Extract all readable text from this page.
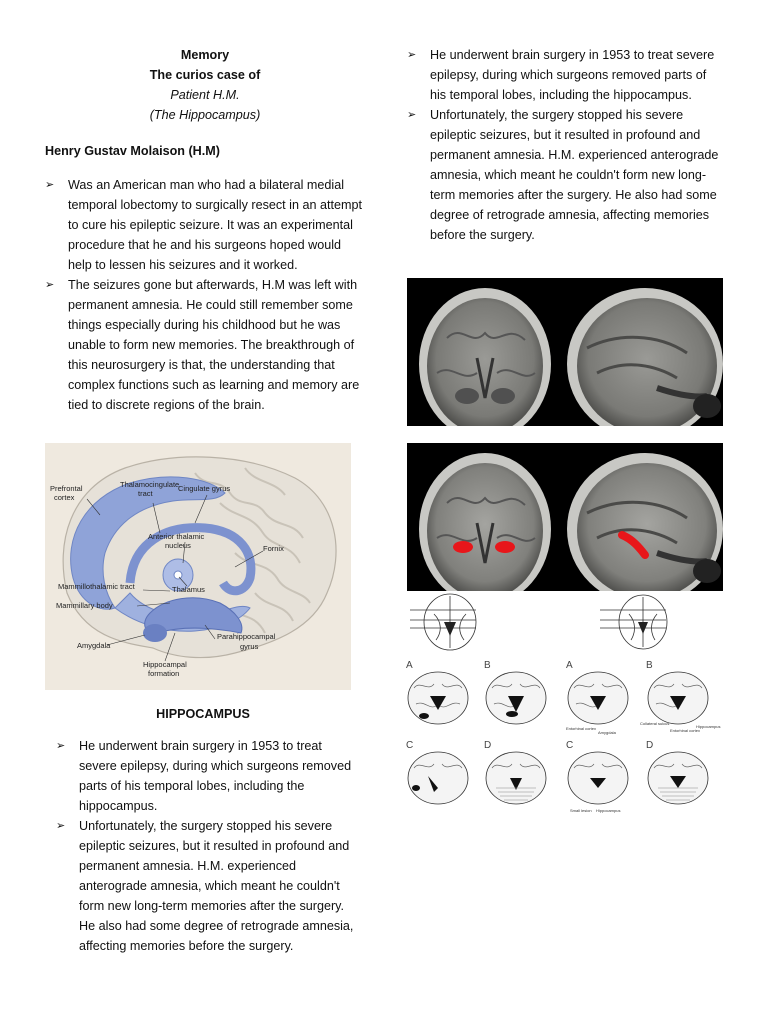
Memory
The curios case of
Patient H.M.
(The Hippocampus)
Henry Gustav Molaison (H.M)
➢ Was an American man who had a bilateral medial temporal lobectomy to surgically resect in an attempt to cure his epileptic seizure. It was an experimental procedure that he and his surgeons hoped would help to lessen his seizures and it worked.
➢ The seizures gone but afterwards, H.M was left with permanent amnesia. He could still remember some things especially during his childhood but he was unable to form new memories. The breakthrough of this neurosurgery is that, the understanding that complex functions such as learning and memory are tied to discrete regions of the brain.
➢ He underwent brain surgery in 1953 to treat severe epilepsy, during which surgeons removed parts of his temporal lobes, including the hippocampus.
➢ Unfortunately, the surgery stopped his severe epileptic seizures, but it resulted in profound and permanent amnesia. H.M. experienced anterograde amnesia, which meant he couldn't form new long-term memories after the surgery. He also had some degree of retrograde amnesia, affecting memories before the surgery.
Prefrontal
cortex
Thalamocingulate
tract
Cingulate gyrus
Anterior thalamic
nucleus	Fornix
Thalamus
Mammillothalamic tract
Mammillary body
Amygdala
Parahippocampal
gyrus
Hippocampal
formation
A	B	A	B
C	D	C	D
Entorhinal cortex
Amygdala
Collateral sulcus
Hippocampus
Entorhinal cortex
Small lesion Hippocampus
HIPPOCAMPUS
➢ He underwent brain surgery in 1953 to treat severe epilepsy, during which surgeons removed parts of his temporal lobes, including the hippocampus.
➢ Unfortunately, the surgery stopped his severe epileptic seizures, but it resulted in profound and permanent amnesia. H.M. experienced anterograde amnesia, which meant he couldn't form new long-term memories after the surgery. He also had some degree of retrograde amnesia, affecting memories before the surgery.
